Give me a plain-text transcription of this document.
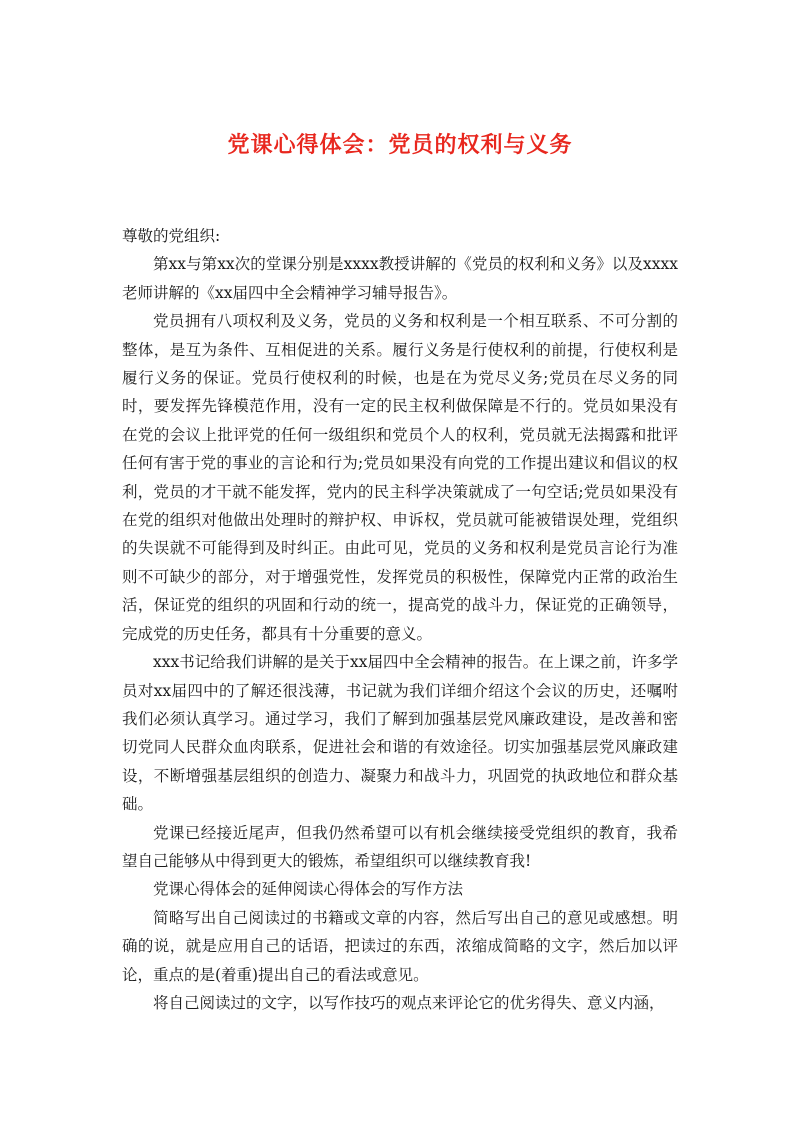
党课心得体会：党员的权利与义务

尊敬的党组织:

第xx与第xx次的堂课分别是xxxx教授讲解的《党员的权利和义务》以及xxxx老师讲解的《xx届四中全会精神学习辅导报告》。

党员拥有八项权利及义务，党员的义务和权利是一个相互联系、不可分割的整体，是互为条件、互相促进的关系。履行义务是行使权利的前提，行使权利是履行义务的保证。党员行使权利的时候，也是在为党尽义务;党员在尽义务的同时，要发挥先锋模范作用，没有一定的民主权利做保障是不行的。党员如果没有在党的会议上批评党的任何一级组织和党员个人的权利，党员就无法揭露和批评任何有害于党的事业的言论和行为;党员如果没有向党的工作提出建议和倡议的权利，党员的才干就不能发挥，党内的民主科学决策就成了一句空话;党员如果没有在党的组织对他做出处理时的辩护权、申诉权，党员就可能被错误处理，党组织的失误就不可能得到及时纠正。由此可见，党员的义务和权利是党员言论行为准则不可缺少的部分，对于增强党性，发挥党员的积极性，保障党内正常的政治生活，保证党的组织的巩固和行动的统一，提高党的战斗力，保证党的正确领导，完成党的历史任务，都具有十分重要的意义。

xxx书记给我们讲解的是关于xx届四中全会精神的报告。在上课之前，许多学员对xx届四中的了解还很浅薄，书记就为我们详细介绍这个会议的历史，还嘱咐我们必须认真学习。通过学习，我们了解到加强基层党风廉政建设，是改善和密切党同人民群众血肉联系，促进社会和谐的有效途径。切实加强基层党风廉政建设，不断增强基层组织的创造力、凝聚力和战斗力，巩固党的执政地位和群众基础。

党课已经接近尾声，但我仍然希望可以有机会继续接受党组织的教育，我希望自己能够从中得到更大的锻炼，希望组织可以继续教育我!

党课心得体会的延伸阅读心得体会的写作方法

简略写出自己阅读过的书籍或文章的内容，然后写出自己的意见或感想。明确的说，就是应用自己的话语，把读过的东西，浓缩成简略的文字，然后加以评论，重点的是(着重)提出自己的看法或意见。

将自己阅读过的文字，以写作技巧的观点来评论它的优劣得失、意义内涵，
